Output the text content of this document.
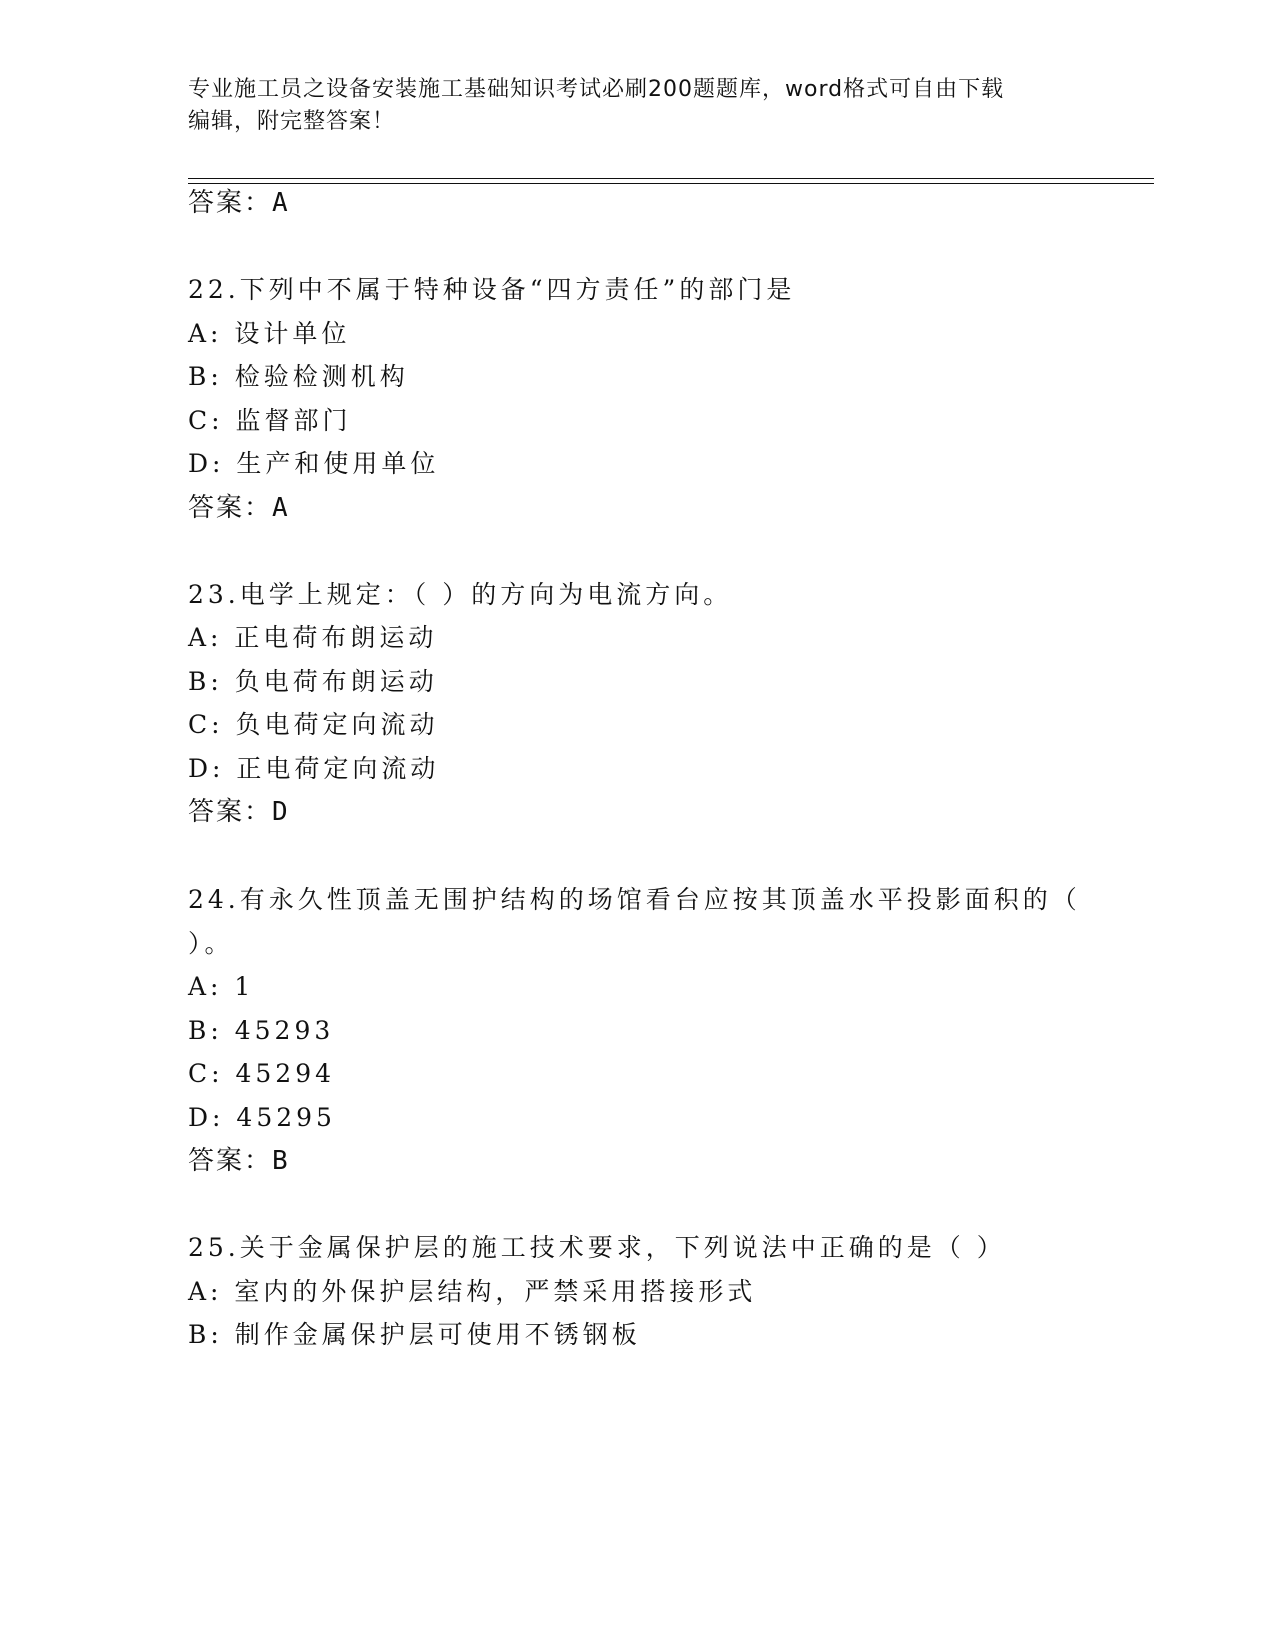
专业施工员之设备安装施工基础知识考试必刷200题题库，word格式可自由下载
编辑，附完整答案！
答案：A
22.下列中不属于特种设备“四方责任”的部门是
A: 设计单位
B: 检验检测机构
C: 监督部门
D: 生产和使用单位
答案：A
23.电学上规定：（ ）的方向为电流方向。
A: 正电荷布朗运动
B: 负电荷布朗运动
C: 负电荷定向流动
D: 正电荷定向流动
答案：D
24.有永久性顶盖无围护结构的场馆看台应按其顶盖水平投影面积的（
）。
A: 1
B: 45293
C: 45294
D: 45295
答案：B
25.关于金属保护层的施工技术要求，下列说法中正确的是（ ）
A: 室内的外保护层结构，严禁采用搭接形式
B: 制作金属保护层可使用不锈钢板
